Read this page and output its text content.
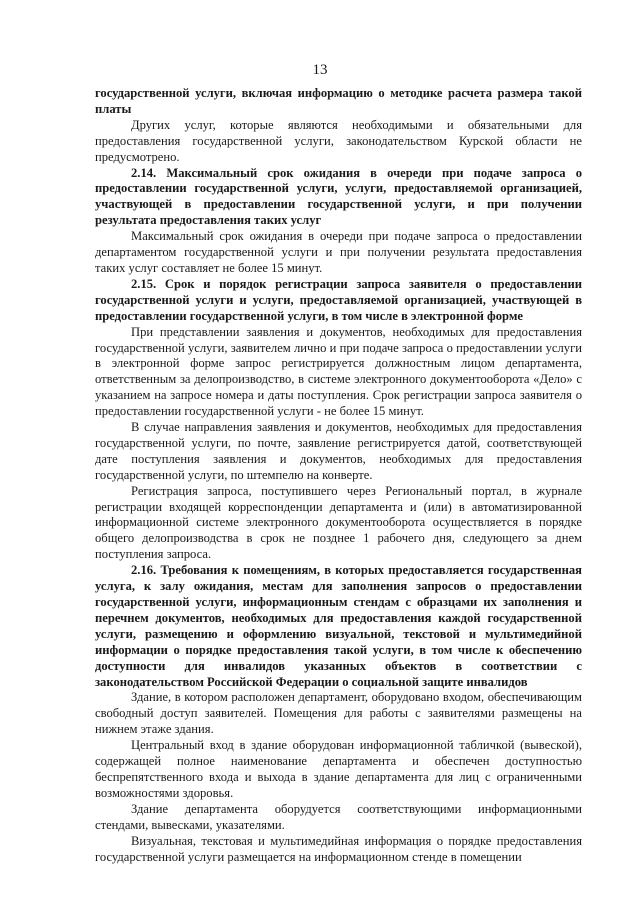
13

государственной услуги, включая информацию о методике расчета размера такой платы

Других услуг, которые являются необходимыми и обязательными для предоставления государственной услуги, законодательством Курской области не предусмотрено.

2.14. Максимальный срок ожидания в очереди при подаче запроса о предоставлении государственной услуги, услуги, предоставляемой организацией, участвующей в предоставлении государственной услуги, и при получении результата предоставления таких услуг

Максимальный срок ожидания в очереди при подаче запроса о предоставлении департаментом государственной услуги и при получении результата предоставления таких услуг составляет не более 15 минут.

2.15. Срок и порядок регистрации запроса заявителя о предоставлении государственной услуги и услуги, предоставляемой организацией, участвующей в предоставлении государственной услуги, в том числе в электронной форме

При представлении заявления и документов, необходимых для предоставления государственной услуги, заявителем лично и при подаче запроса о предоставлении услуги в электронной форме запрос регистрируется должностным лицом департамента, ответственным за делопроизводство, в системе электронного документооборота «Дело» с указанием на запросе номера и даты поступления. Срок регистрации запроса заявителя о предоставлении государственной услуги - не более 15 минут.

В случае направления заявления и документов, необходимых для предоставления государственной услуги, по почте, заявление регистрируется датой, соответствующей дате поступления заявления и документов, необходимых для предоставления государственной услуги, по штемпелю на конверте.

Регистрация запроса, поступившего через Региональный портал, в журнале регистрации входящей корреспонденции департамента и (или) в автоматизированной информационной системе электронного документооборота осуществляется в порядке общего делопроизводства в срок не позднее 1 рабочего дня, следующего за днем поступления запроса.

2.16. Требования к помещениям, в которых предоставляется государственная услуга, к залу ожидания, местам для заполнения запросов о предоставлении государственной услуги, информационным стендам с образцами их заполнения и перечнем документов, необходимых для предоставления каждой государственной услуги, размещению и оформлению визуальной, текстовой и мультимедийной информации о порядке предоставления такой услуги, в том числе к обеспечению доступности для инвалидов указанных объектов в соответствии с законодательством Российской Федерации о социальной защите инвалидов

Здание, в котором расположен департамент, оборудовано входом, обеспечивающим свободный доступ заявителей. Помещения для работы с заявителями размещены на нижнем этаже здания.

Центральный вход в здание оборудован информационной табличкой (вывеской), содержащей полное наименование департамента и обеспечен доступностью беспрепятственного входа и выхода в здание департамента для лиц с ограниченными возможностями здоровья.

Здание департамента оборудуется соответствующими информационными стендами, вывесками, указателями.

Визуальная, текстовая и мультимедийная информация о порядке предоставления государственной услуги размещается на информационном стенде в помещении
